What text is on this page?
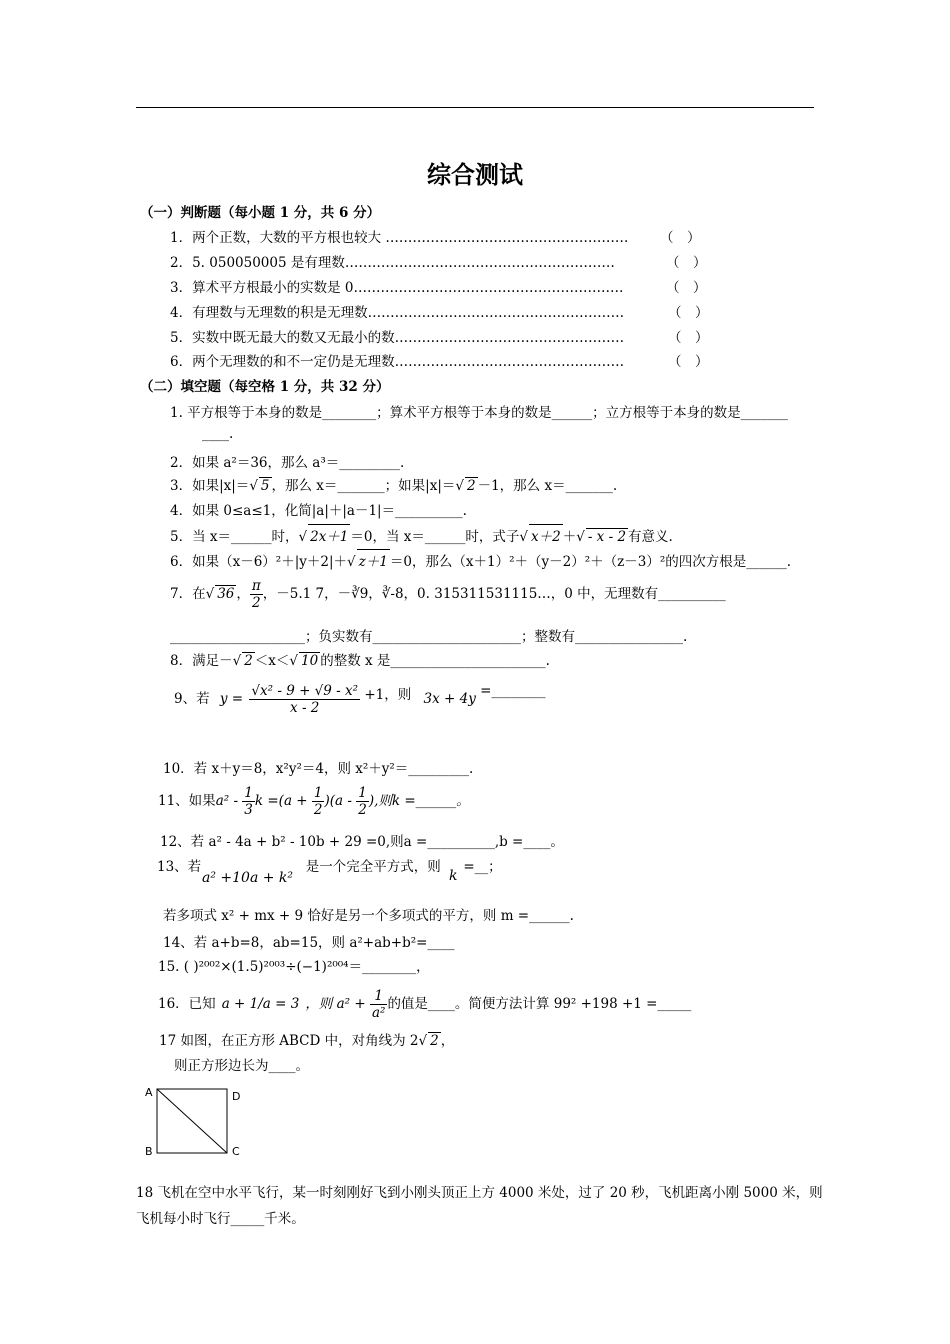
综合测试
（一）判断题（每小题 1 分，共 6 分）
1．两个正数，大数的平方根也较大 ……………………………………………… （　）
2．5. 050050005 是有理数……………………………………………………	（　）
3．算术平方根最小的实数是 0……………………………………………………	（　）
4．有理数与无理数的积是无理数…………………………………………………	（　）
5．实数中既无最大的数又无最小的数……………………………………………	（　）
6．两个无理数的和不一定仍是无理数……………………………………………	（　）
（二）填空题（每空格 1 分，共 32 分）
1. 平方根等于本身的数是________；算术平方根等于本身的数是______；立方根等于本身的数是_______
____.
2．如果 a²＝36，那么 a³＝_________.
3．如果|x|＝√ 5 ，那么 x＝_______；如果|x|＝√ 2 －1，那么 x＝_______.
4．如果 0≤a≤1，化简|a|＋|a－1|＝__________.
5．当 x＝______时，√ 2x＋1 ＝0，当 x＝______时，式子√ x＋2 ＋√ - x - 2 有意义.
6．如果（x－6）²＋|y＋2|＋√ z＋1 ＝0，那么（x＋1）²＋（y－2）²＋（z－3）²的四次方根是______.
7．在√ 36 ， $\frac{\pi}{2}$ ，－5.1 7̇，－∛9，∛-8，0. 315311531115…，0 中，无理数有__________
____________________；负实数有______________________；整数有________________.
8．满足－√ 2 ＜x＜√ 10 的整数 x 是_______________________.
9、若 $y = \frac{\text{√x² - 9 + √9 - x²}}{x - 2} +1$，则 3x + 4y =________
10．若 x＋y＝8，x²y²＝4，则 x²＋y²＝_________.
11、如果$a^2 - \frac{1}{3}$ $k =(a + \frac{1}{2} )(a - \frac{1}{2}$ ),则k =______。
12、若 a² - 4a + b² - 10b + 29 =0,则a =__________,b =____。
13、若	是一个完全平方式，则 =__；
a² +10a + k²	k
若多项式 x² + mx + 9 恰好是另一个多项式的平方，则 m =______.
14、若 a+b=8，ab=15，则 a²+ab+b²=____
15. ( )²⁰⁰²×(1.5)²⁰⁰³÷(−1)²⁰⁰⁴＝________，
16．已知 a + 1/a = 3 ，则 $a^2 + \frac{1}{\text{a²}}$ 的值是____。简便方法计算 99² +198 +1 =_____
17 如图，在正方形 ABCD 中，对角线为 2√ 2 ，
则正方形边长为____。
A	D
B	C
18 飞机在空中水平飞行，某一时刻刚好飞到小刚头顶正上方 4000 米处，过了 20 秒，飞机距离小刚 5000 米，则
飞机每小时飞行_____千米。
